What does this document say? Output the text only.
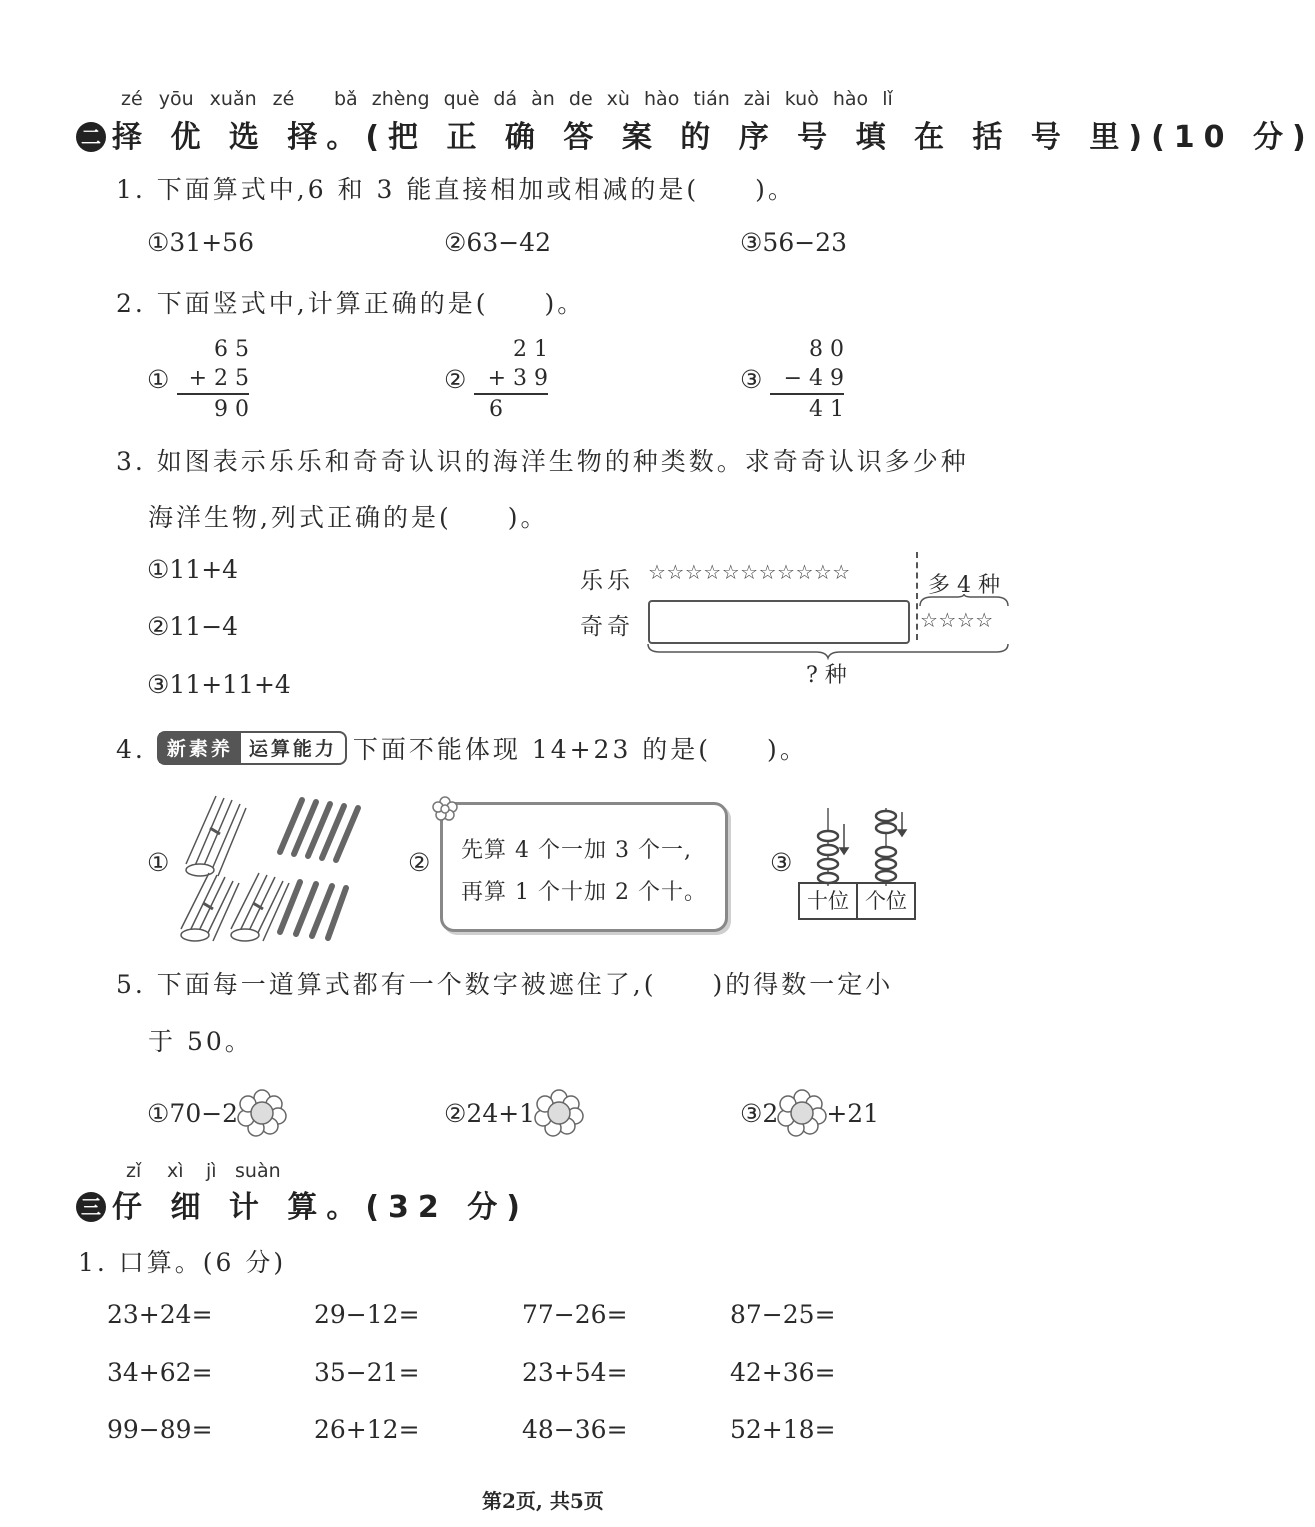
zé yōu xuǎn zé bǎ zhèng què dá àn de xù hào tián zài kuò hào lǐ
二 择 优 选 择。(把 正 确 答 案 的 序 号 填 在 括 号 里)(10 分)
1. 下面算式中,6 和 3 能直接相加或相减的是(　　)。
①31+56	②63−42	③56−23
2. 下面竖式中,计算正确的是(　　)。
①
6 5
+ 2 5
9 0
②
2 1
+ 3 9
6
③
8 0
− 4 9
4 1
3. 如图表示乐乐和奇奇认识的海洋生物的种类数。求奇奇认识多少种
海洋生物,列式正确的是(　　)。
①11+4
②11−4
③11+11+4
乐乐 ☆☆☆☆☆☆☆☆☆☆☆
多 4 种
奇奇	☆☆☆☆
? 种
4.	新素养 运算能力 下面不能体现 14+23 的是(　　)。
①	② 先算 4 个一加 3 个一,
再算 1 个十加 2 个十。
③
十位 个位
5. 下面每一道算式都有一个数字被遮住了,(　　)的得数一定小
于 50。
①70−2	②24+1	③2 +21
zǐ xì jì suàn
三 仔 细 计 算。(32 分)
1. 口算。(6 分)
23+24=	29−12=	77−26=	87−25=
34+62=	35−21=	23+54=	42+36=
99−89=	26+12=	48−36=	52+18=
第2页, 共5页
